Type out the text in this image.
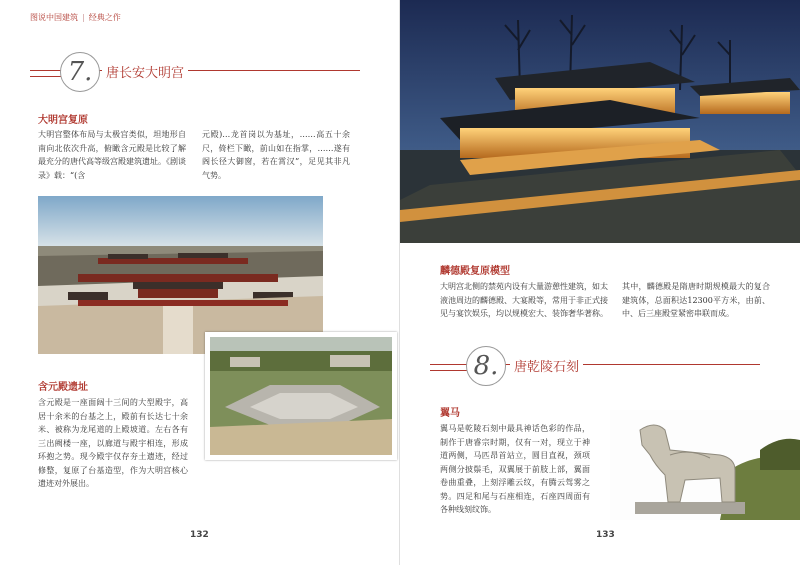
图说中国建筑 | 经典之作
7.	唐长安大明宫
大明宫复原
大明宫整体布局与太极宫类似，坦地形自南向北依次升高，俯瞰含元殿是比较了解最充分的唐代高等级宫殿建筑遗址。《剧谈录》载：“(含
元殿)…龙首岗以为基址，……高五十余尺，倚栏下瞰，前山如在指掌，……遂有阁长径大御窗，若在霄汉”，足见其非凡气势。
含元殿遗址
含元殿是一座面阔十三间的大型殿宇，高居十余米的台基之上，殿前有长达七十余米、被称为龙尾道的上殿坡道。左右各有三出阙楼一座，以廊道与殿宇相连，形成环抱之势。现今殿宇仅存夯土遗迹，经过修整，复原了台基造型，作为大明宫核心遗迹对外展出。
132
麟德殿复原模型
大明宫北侧的禁苑内设有大量游憩性建筑，如太液池周边的麟德殿、大宴殿等，常用于非正式接见与宴饮娱乐，均以规模宏大、装饰奢华著称。
其中，麟德殿是隋唐时期规模最大的复合建筑体，总面积达12300平方米，由前、中、后三座殿堂紧密串联而成。
8.	唐乾陵石刻
翼马
翼马是乾陵石刻中最具神话色彩的作品，制作于唐睿宗时期，仅有一对，现立于神道两侧，马匹昂首站立，圆目直视，颈项两侧分披鬃毛，双翼展于前肢上部，翼面卷曲重叠，上刻浮雕云纹，有腾云驾雾之势。四足和尾与石座相连，石座四周面有各种线刻纹饰。
133
